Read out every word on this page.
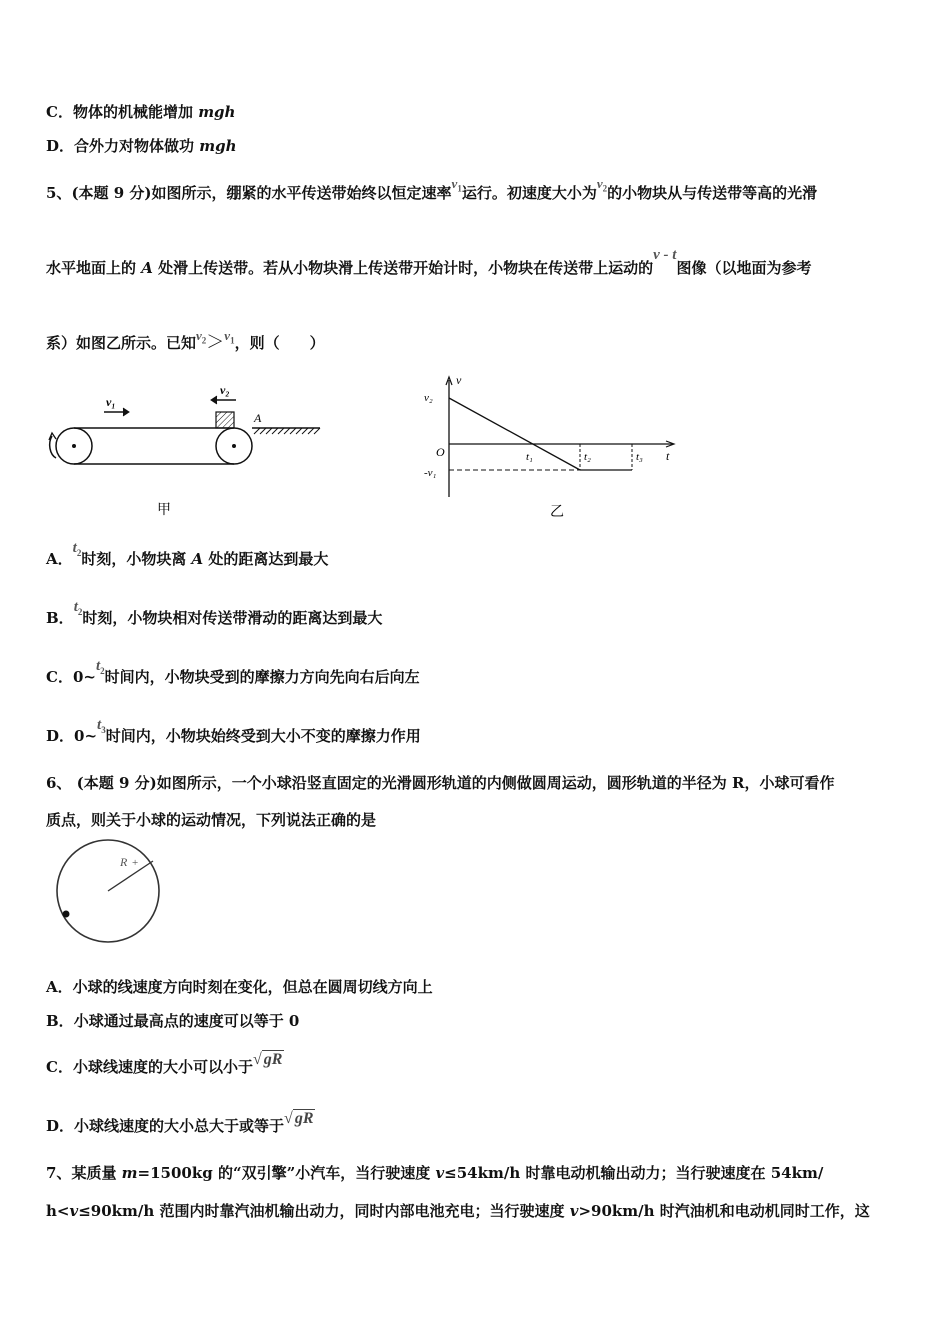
C．物体的机械能增加 mgh
D．合外力对物体做功 mgh
5、(本题 9 分)如图所示，绷紧的水平传送带始终以恒定速率$v_1$运行。初速度大小为$v_2$的小物块从与传送带等高的光滑
水平地面上的 A 处滑上传送带。若从小物块滑上传送带开始计时，小物块在传送带上运动的v - t图像（以地面为参考
系）如图乙所示。已知$v_2>v_1$，则（　　）
v₁
v₂
A
甲
v
v₂
O
-v₁
t₁	t₂	t₃ t
乙
A．$t_2$时刻，小物块离 A 处的距离达到最大
B．$t_2$时刻，小物块相对传送带滑动的距离达到最大
C．$0\sim t_2$时间内，小物块受到的摩擦力方向先向右后向左
D．$0\sim t_3$时间内，小物块始终受到大小不变的摩擦力作用
6、 (本题 9 分)如图所示，一个小球沿竖直固定的光滑圆形轨道的内侧做圆周运动，圆形轨道的半径为 R，小球可看作
质点，则关于小球的运动情况，下列说法正确的是
R +
A．小球的线速度方向时刻在变化，但总在圆周切线方向上
B．小球通过最高点的速度可以等于 0
C．小球线速度的大小可以小于√ gR
D．小球线速度的大小总大于或等于√ gR
7、某质量 m=1500kg 的“双引擎”小汽车，当行驶速度 v≤54km/h 时靠电动机输出动力；当行驶速度在 54km/
h<v≤90km/h 范围内时靠汽油机输出动力，同时内部电池充电；当行驶速度 v>90km/h 时汽油机和电动机同时工作，这
